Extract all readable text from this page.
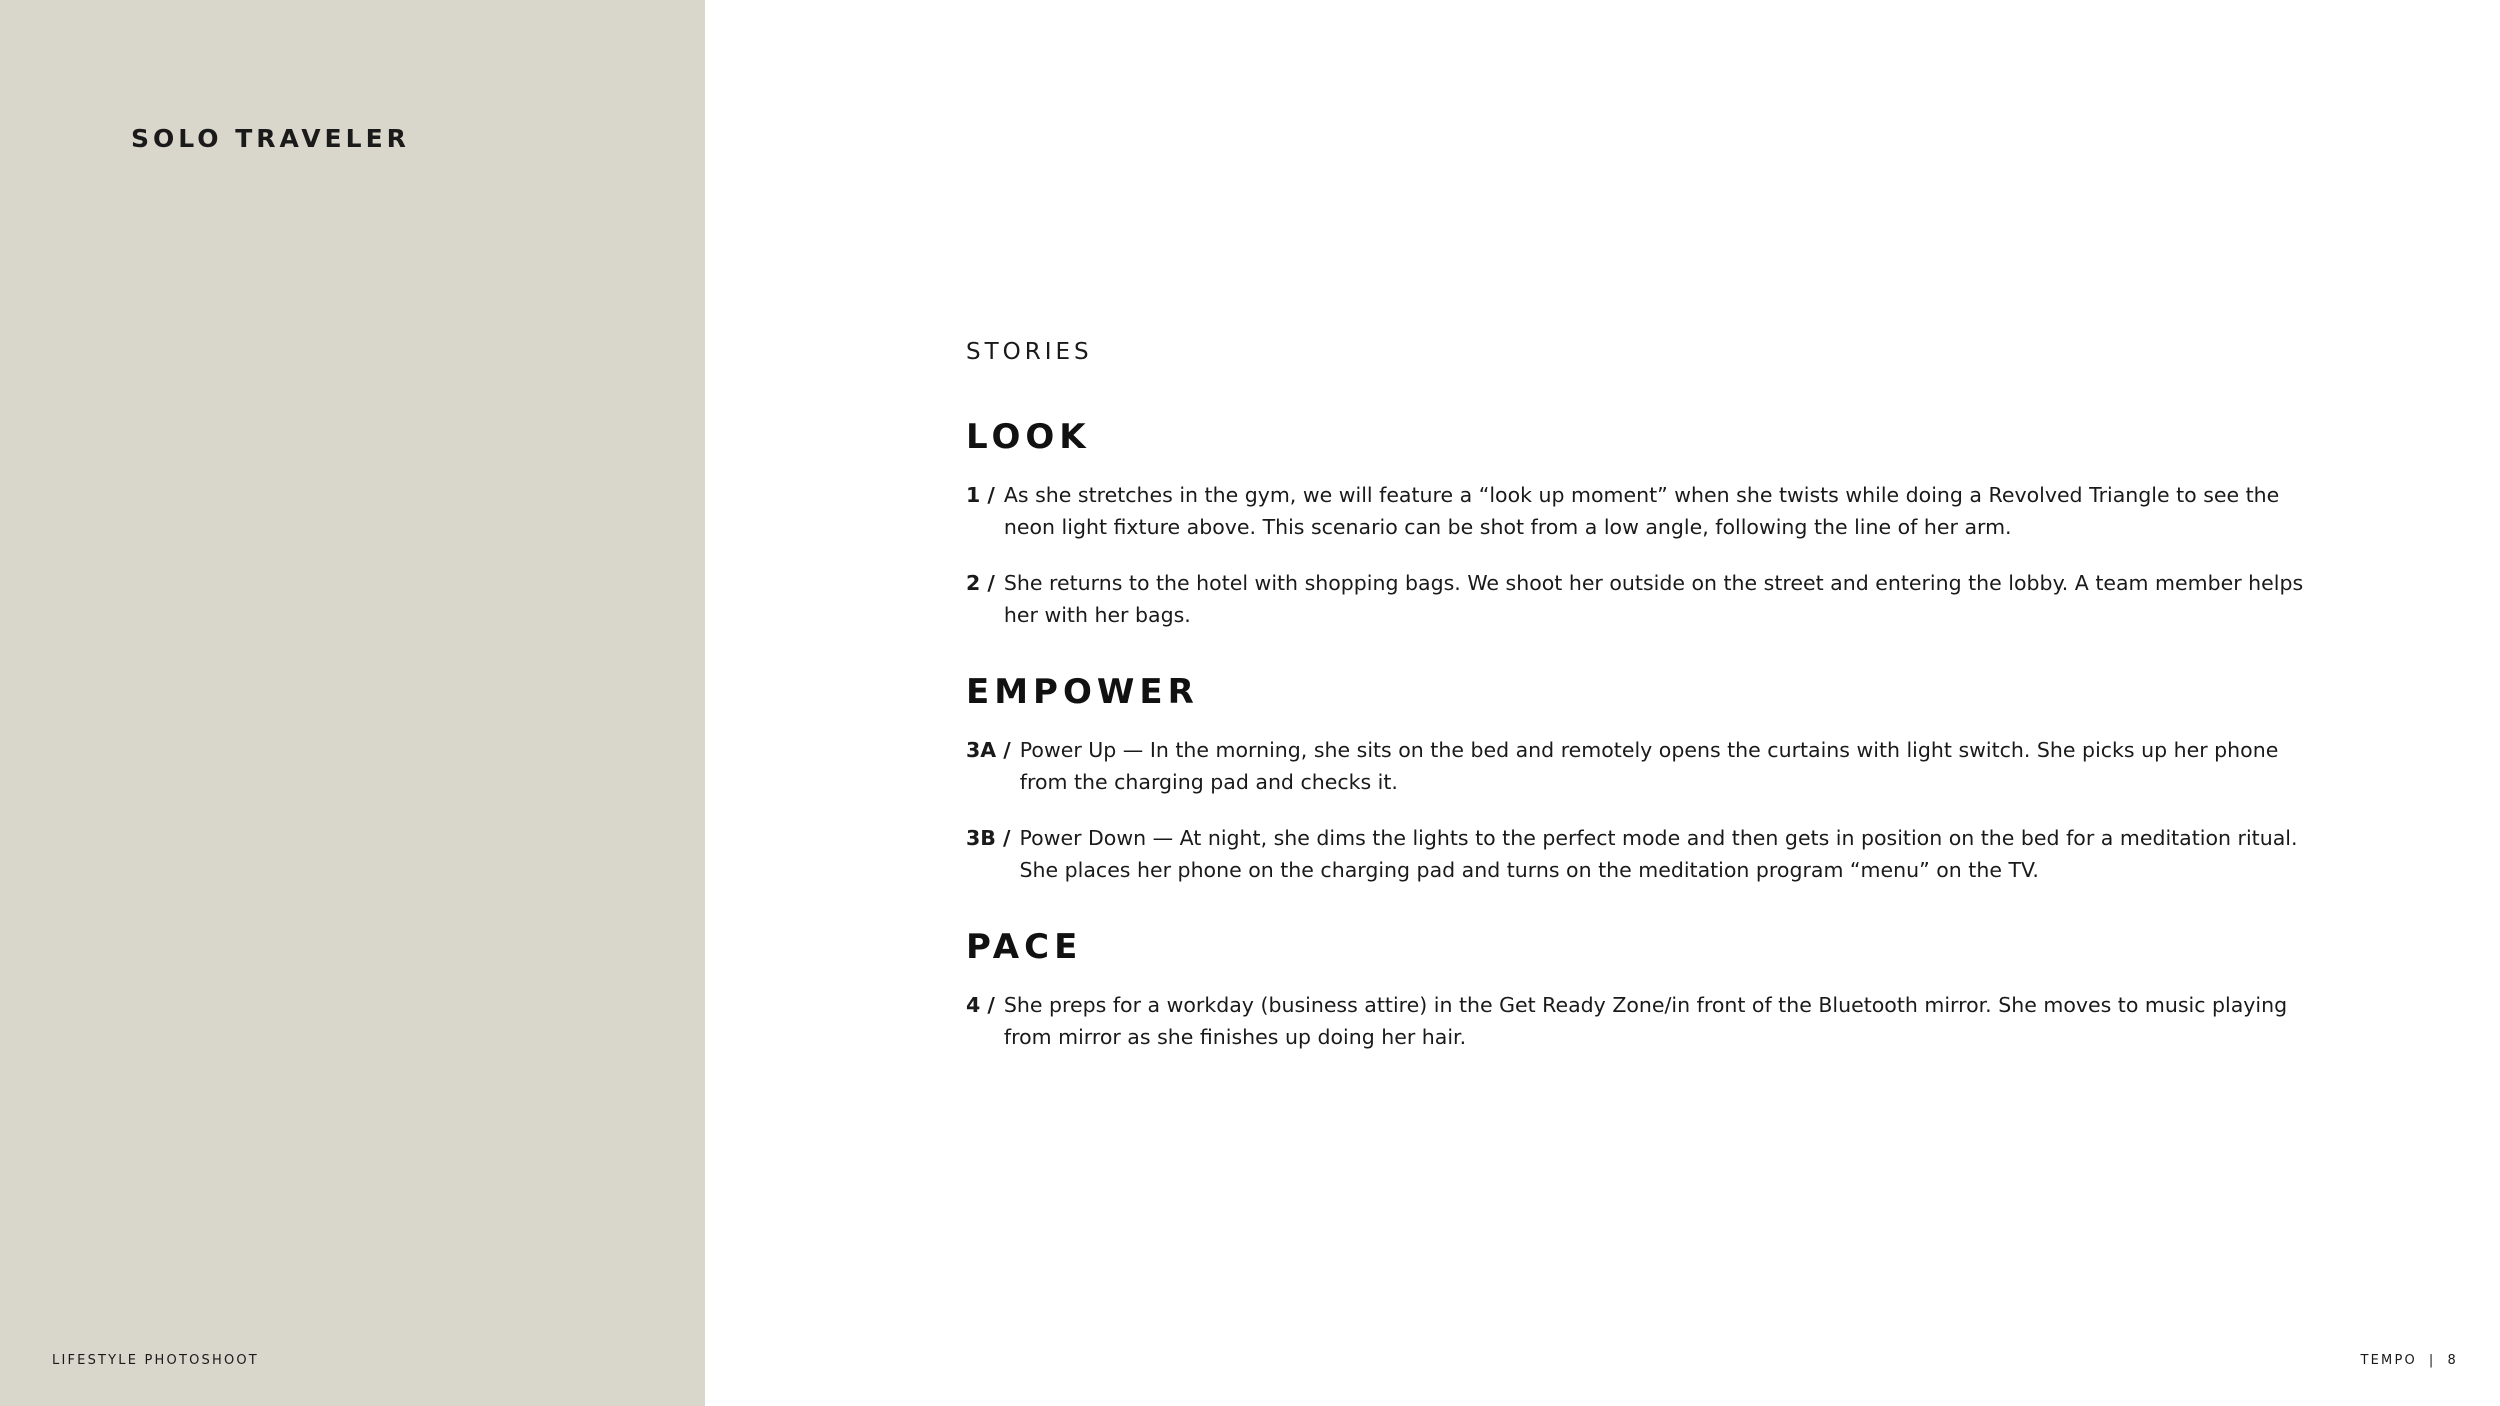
SOLO TRAVELER
LIFESTYLE PHOTOSHOOT
STORIES
LOOK
1 / As she stretches in the gym, we will feature a “look up moment” when she twists while doing a Revolved Triangle to see the neon light fixture above. This scenario can be shot from a low angle, following the line of her arm.
2 / She returns to the hotel with shopping bags. We shoot her outside on the street and entering the lobby. A team member helps her with her bags.
EMPOWER
3A / Power Up — In the morning, she sits on the bed and remotely opens the curtains with light switch. She picks up her phone from the charging pad and checks it.
3B / Power Down — At night, she dims the lights to the perfect mode and then gets in position on the bed for a meditation ritual. She places her phone on the charging pad and turns on the meditation program “menu” on the TV.
PACE
4 / She preps for a workday (business attire) in the Get Ready Zone/in front of the Bluetooth mirror. She moves to music playing from mirror as she finishes up doing her hair.
TEMPO | 8
